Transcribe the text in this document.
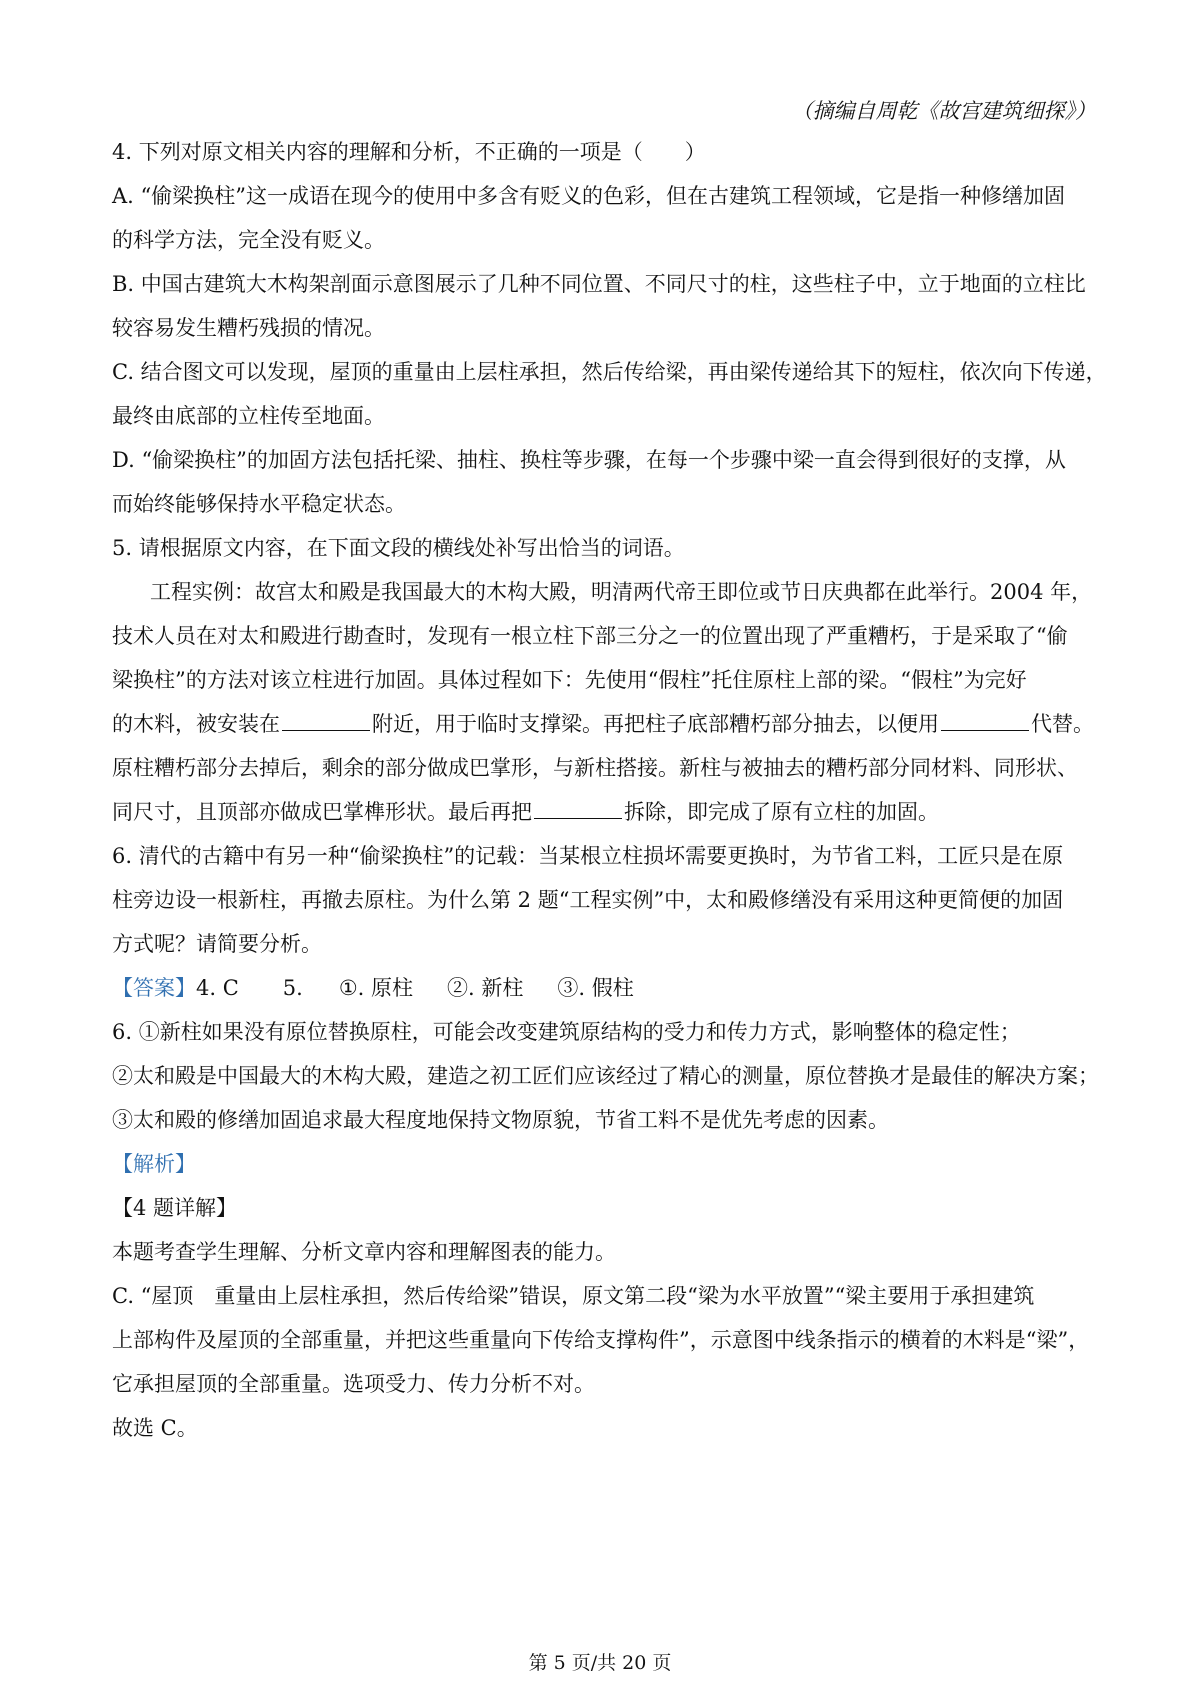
（摘编自周乾《故宫建筑细探》）
4. 下列对原文相关内容的理解和分析，不正确的一项是（　　）
A. “偷梁换柱”这一成语在现今的使用中多含有贬义的色彩，但在古建筑工程领域，它是指一种修缮加固
的科学方法，完全没有贬义。
B. 中国古建筑大木构架剖面示意图展示了几种不同位置、不同尺寸的柱，这些柱子中，立于地面的立柱比
较容易发生糟朽残损的情况。
C. 结合图文可以发现，屋顶的重量由上层柱承担，然后传给梁，再由梁传递给其下的短柱，依次向下传递，
最终由底部的立柱传至地面。
D. “偷梁换柱”的加固方法包括托梁、抽柱、换柱等步骤，在每一个步骤中梁一直会得到很好的支撑，从
而始终能够保持水平稳定状态。
5. 请根据原文内容，在下面文段的横线处补写出恰当的词语。
工程实例：故宫太和殿是我国最大的木构大殿，明清两代帝王即位或节日庆典都在此举行。2004 年，
技术人员在对太和殿进行勘查时，发现有一根立柱下部三分之一的位置出现了严重糟朽，于是采取了“偷
梁换柱”的方法对该立柱进行加固。具体过程如下：先使用“假柱”托住原柱上部的梁。“假柱”为完好
的木料，被安装在	附近，用于临时支撑梁。再把柱子底部糟朽部分抽去，以便用	代替。
原柱糟朽部分去掉后，剩余的部分做成巴掌形，与新柱搭接。新柱与被抽去的糟朽部分同材料、同形状、
同尺寸，且顶部亦做成巴掌榫形状。最后再把	拆除，即完成了原有立柱的加固。
6. 清代的古籍中有另一种“偷梁换柱”的记载：当某根立柱损坏需要更换时，为节省工料，工匠只是在原
柱旁边设一根新柱，再撤去原柱。为什么第 2 题“工程实例”中，太和殿修缮没有采用这种更简便的加固
方式呢？请简要分析。
【答案】4. C 5. ①. 原柱 ②. 新柱 ③. 假柱
6. ①新柱如果没有原位替换原柱，可能会改变建筑原结构的受力和传力方式，影响整体的稳定性；
②太和殿是中国最大的木构大殿，建造之初工匠们应该经过了精心的测量，原位替换才是最佳的解决方案；
③太和殿的修缮加固追求最大程度地保持文物原貌，节省工料不是优先考虑的因素。
【解析】
【4 题详解】
本题考查学生理解、分析文章内容和理解图表的能力。
C. “屋顶　重量由上层柱承担，然后传给梁”错误，原文第二段“梁为水平放置”“梁主要用于承担建筑
上部构件及屋顶的全部重量，并把这些重量向下传给支撑构件”，示意图中线条指示的横着的木料是“梁”，
它承担屋顶的全部重量。选项受力、传力分析不对。
故选 C。
第 5 页/共 20 页
